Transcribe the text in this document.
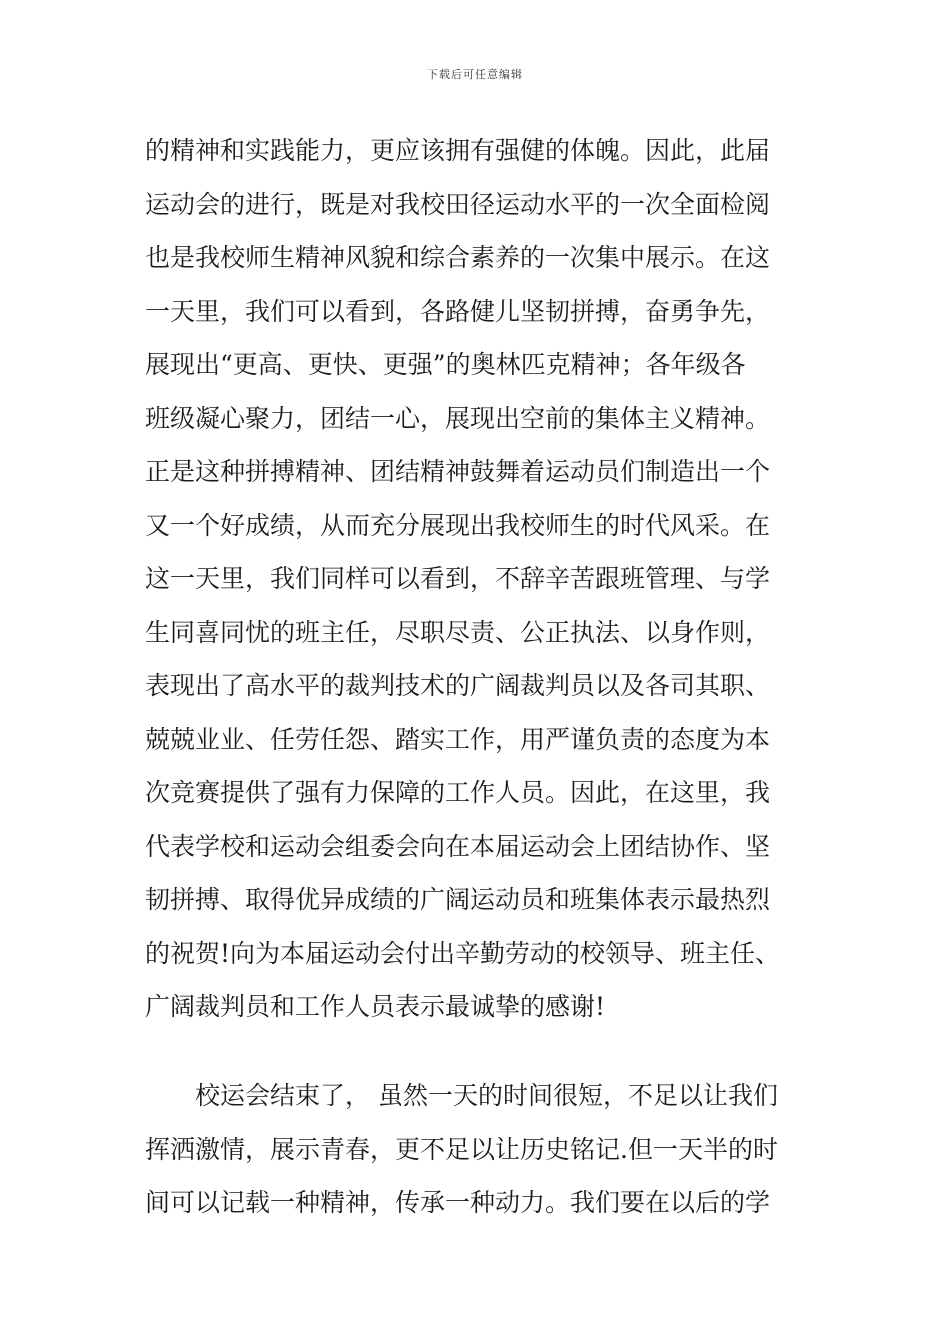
下载后可任意编辑
的精神和实践能力，更应该拥有强健的体魄。因此，此届
运动会的进行，既是对我校田径运动水平的一次全面检阅
也是我校师生精神风貌和综合素养的一次集中展示。在这
一天里，我们可以看到，各路健儿坚韧拼搏，奋勇争先，
展现出“更高、更快、更强”的奥林匹克精神；各年级各
班级凝心聚力，团结一心，展现出空前的集体主义精神。
正是这种拼搏精神、团结精神鼓舞着运动员们制造出一个
又一个好成绩，从而充分展现出我校师生的时代风采。在
这一天里，我们同样可以看到，不辞辛苦跟班管理、与学
生同喜同忧的班主任，尽职尽责、公正执法、以身作则，
表现出了高水平的裁判技术的广阔裁判员以及各司其职、
兢兢业业、任劳任怨、踏实工作，用严谨负责的态度为本
次竞赛提供了强有力保障的工作人员。因此，在这里，我
代表学校和运动会组委会向在本届运动会上团结协作、坚
韧拼搏、取得优异成绩的广阔运动员和班集体表示最热烈
的祝贺!向为本届运动会付出辛勤劳动的校领导、班主任、
广阔裁判员和工作人员表示最诚挚的感谢!
校运会结束了， 虽然一天的时间很短，不足以让我们
挥洒激情，展示青春，更不足以让历史铭记.但一天半的时
间可以记载一种精神，传承一种动力。我们要在以后的学
